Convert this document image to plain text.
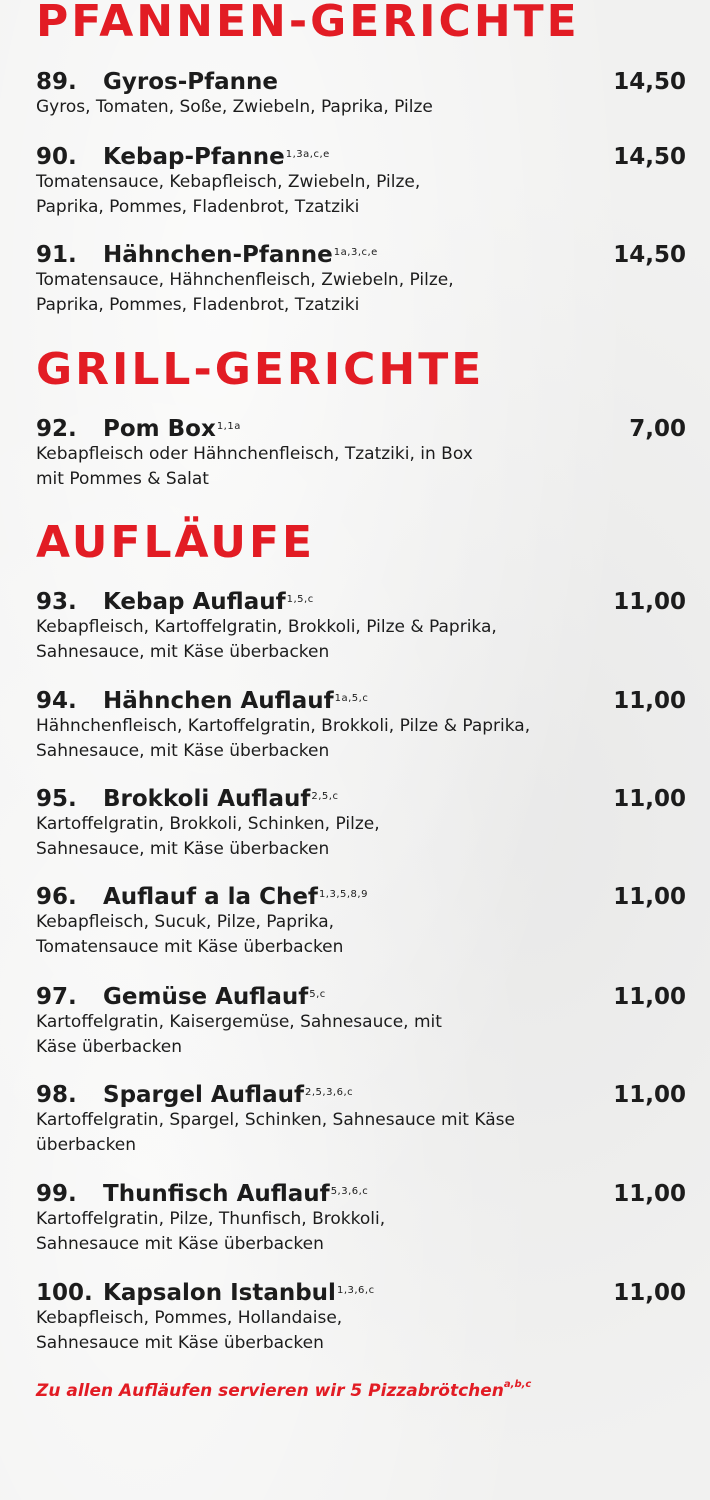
PFANNEN-GERICHTE
89. Gyros-Pfanne	14,50
Gyros, Tomaten, Soße, Zwiebeln, Paprika, Pilze
90. Kebap-Pfanne$^{1,3a,c,e}$	14,50
Tomatensauce, Kebapfleisch, Zwiebeln, Pilze, Paprika, Pommes, Fladenbrot, Tzatziki
91. Hähnchen-Pfanne$^{1a,3,c,e}$	14,50
Tomatensauce, Hähnchenfleisch, Zwiebeln, Pilze, Paprika, Pommes, Fladenbrot, Tzatziki
GRILL-GERICHTE
92. Pom Box$^{1,1a}$	7,00
Kebapfleisch oder Hähnchenfleisch, Tzatziki, in Box mit Pommes & Salat
AUFLÄUFE
93. Kebap Auflauf$^{1,5,c}$	11,00
Kebapfleisch, Kartoffelgratin, Brokkoli, Pilze & Paprika, Sahnesauce, mit Käse überbacken
94. Hähnchen Auflauf$^{1a,5,c}$	11,00
Hähnchenfleisch, Kartoffelgratin, Brokkoli, Pilze & Paprika, Sahnesauce, mit Käse überbacken
95. Brokkoli Auflauf$^{2,5,c}$	11,00
Kartoffelgratin, Brokkoli, Schinken, Pilze, Sahnesauce, mit Käse überbacken
96. Auflauf a la Chef$^{1,3,5,8,9}$	11,00
Kebapfleisch, Sucuk, Pilze, Paprika, Tomatensauce mit Käse überbacken
97. Gemüse Auflauf$^{5,c}$	11,00
Kartoffelgratin, Kaisergemüse, Sahnesauce, mit Käse überbacken
98. Spargel Auflauf$^{2,5,3,6,c}$	11,00
Kartoffelgratin, Spargel, Schinken, Sahnesauce mit Käse überbacken
99. Thunfisch Auflauf$^{5,3,6,c}$	11,00
Kartoffelgratin, Pilze, Thunfisch, Brokkoli, Sahnesauce mit Käse überbacken
100. Kapsalon Istanbul$^{1,3,6,c}$	11,00
Kebapfleisch, Pommes, Hollandaise, Sahnesauce mit Käse überbacken
Zu allen Aufläufen servieren wir 5 Pizzabrötchen$^{a,b,c}$
